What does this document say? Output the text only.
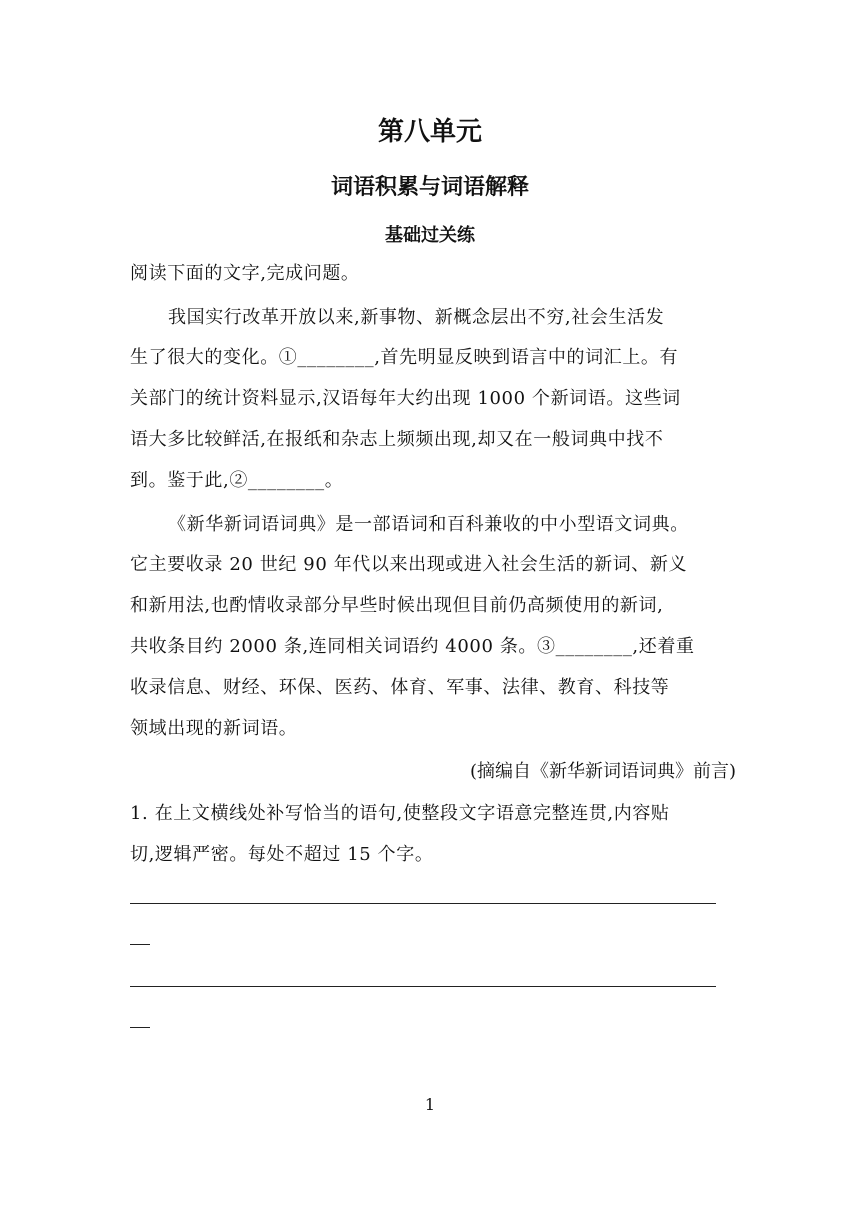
第八单元
词语积累与词语解释
基础过关练
阅读下面的文字,完成问题。
我国实行改革开放以来,新事物、新概念层出不穷,社会生活发
生了很大的变化。①________,首先明显反映到语言中的词汇上。有
关部门的统计资料显示,汉语每年大约出现 1000 个新词语。这些词
语大多比较鲜活,在报纸和杂志上频频出现,却又在一般词典中找不
到。鉴于此,②________。
《新华新词语词典》是一部语词和百科兼收的中小型语文词典。
它主要收录 20 世纪 90 年代以来出现或进入社会生活的新词、新义
和新用法,也酌情收录部分早些时候出现但目前仍高频使用的新词,
共收条目约 2000 条,连同相关词语约 4000 条。③________,还着重
收录信息、财经、环保、医药、体育、军事、法律、教育、科技等
领域出现的新词语。
(摘编自《新华新词语词典》前言)
1. 在上文横线处补写恰当的语句,使整段文字语意完整连贯,内容贴
切,逻辑严密。每处不超过 15 个字。
1
